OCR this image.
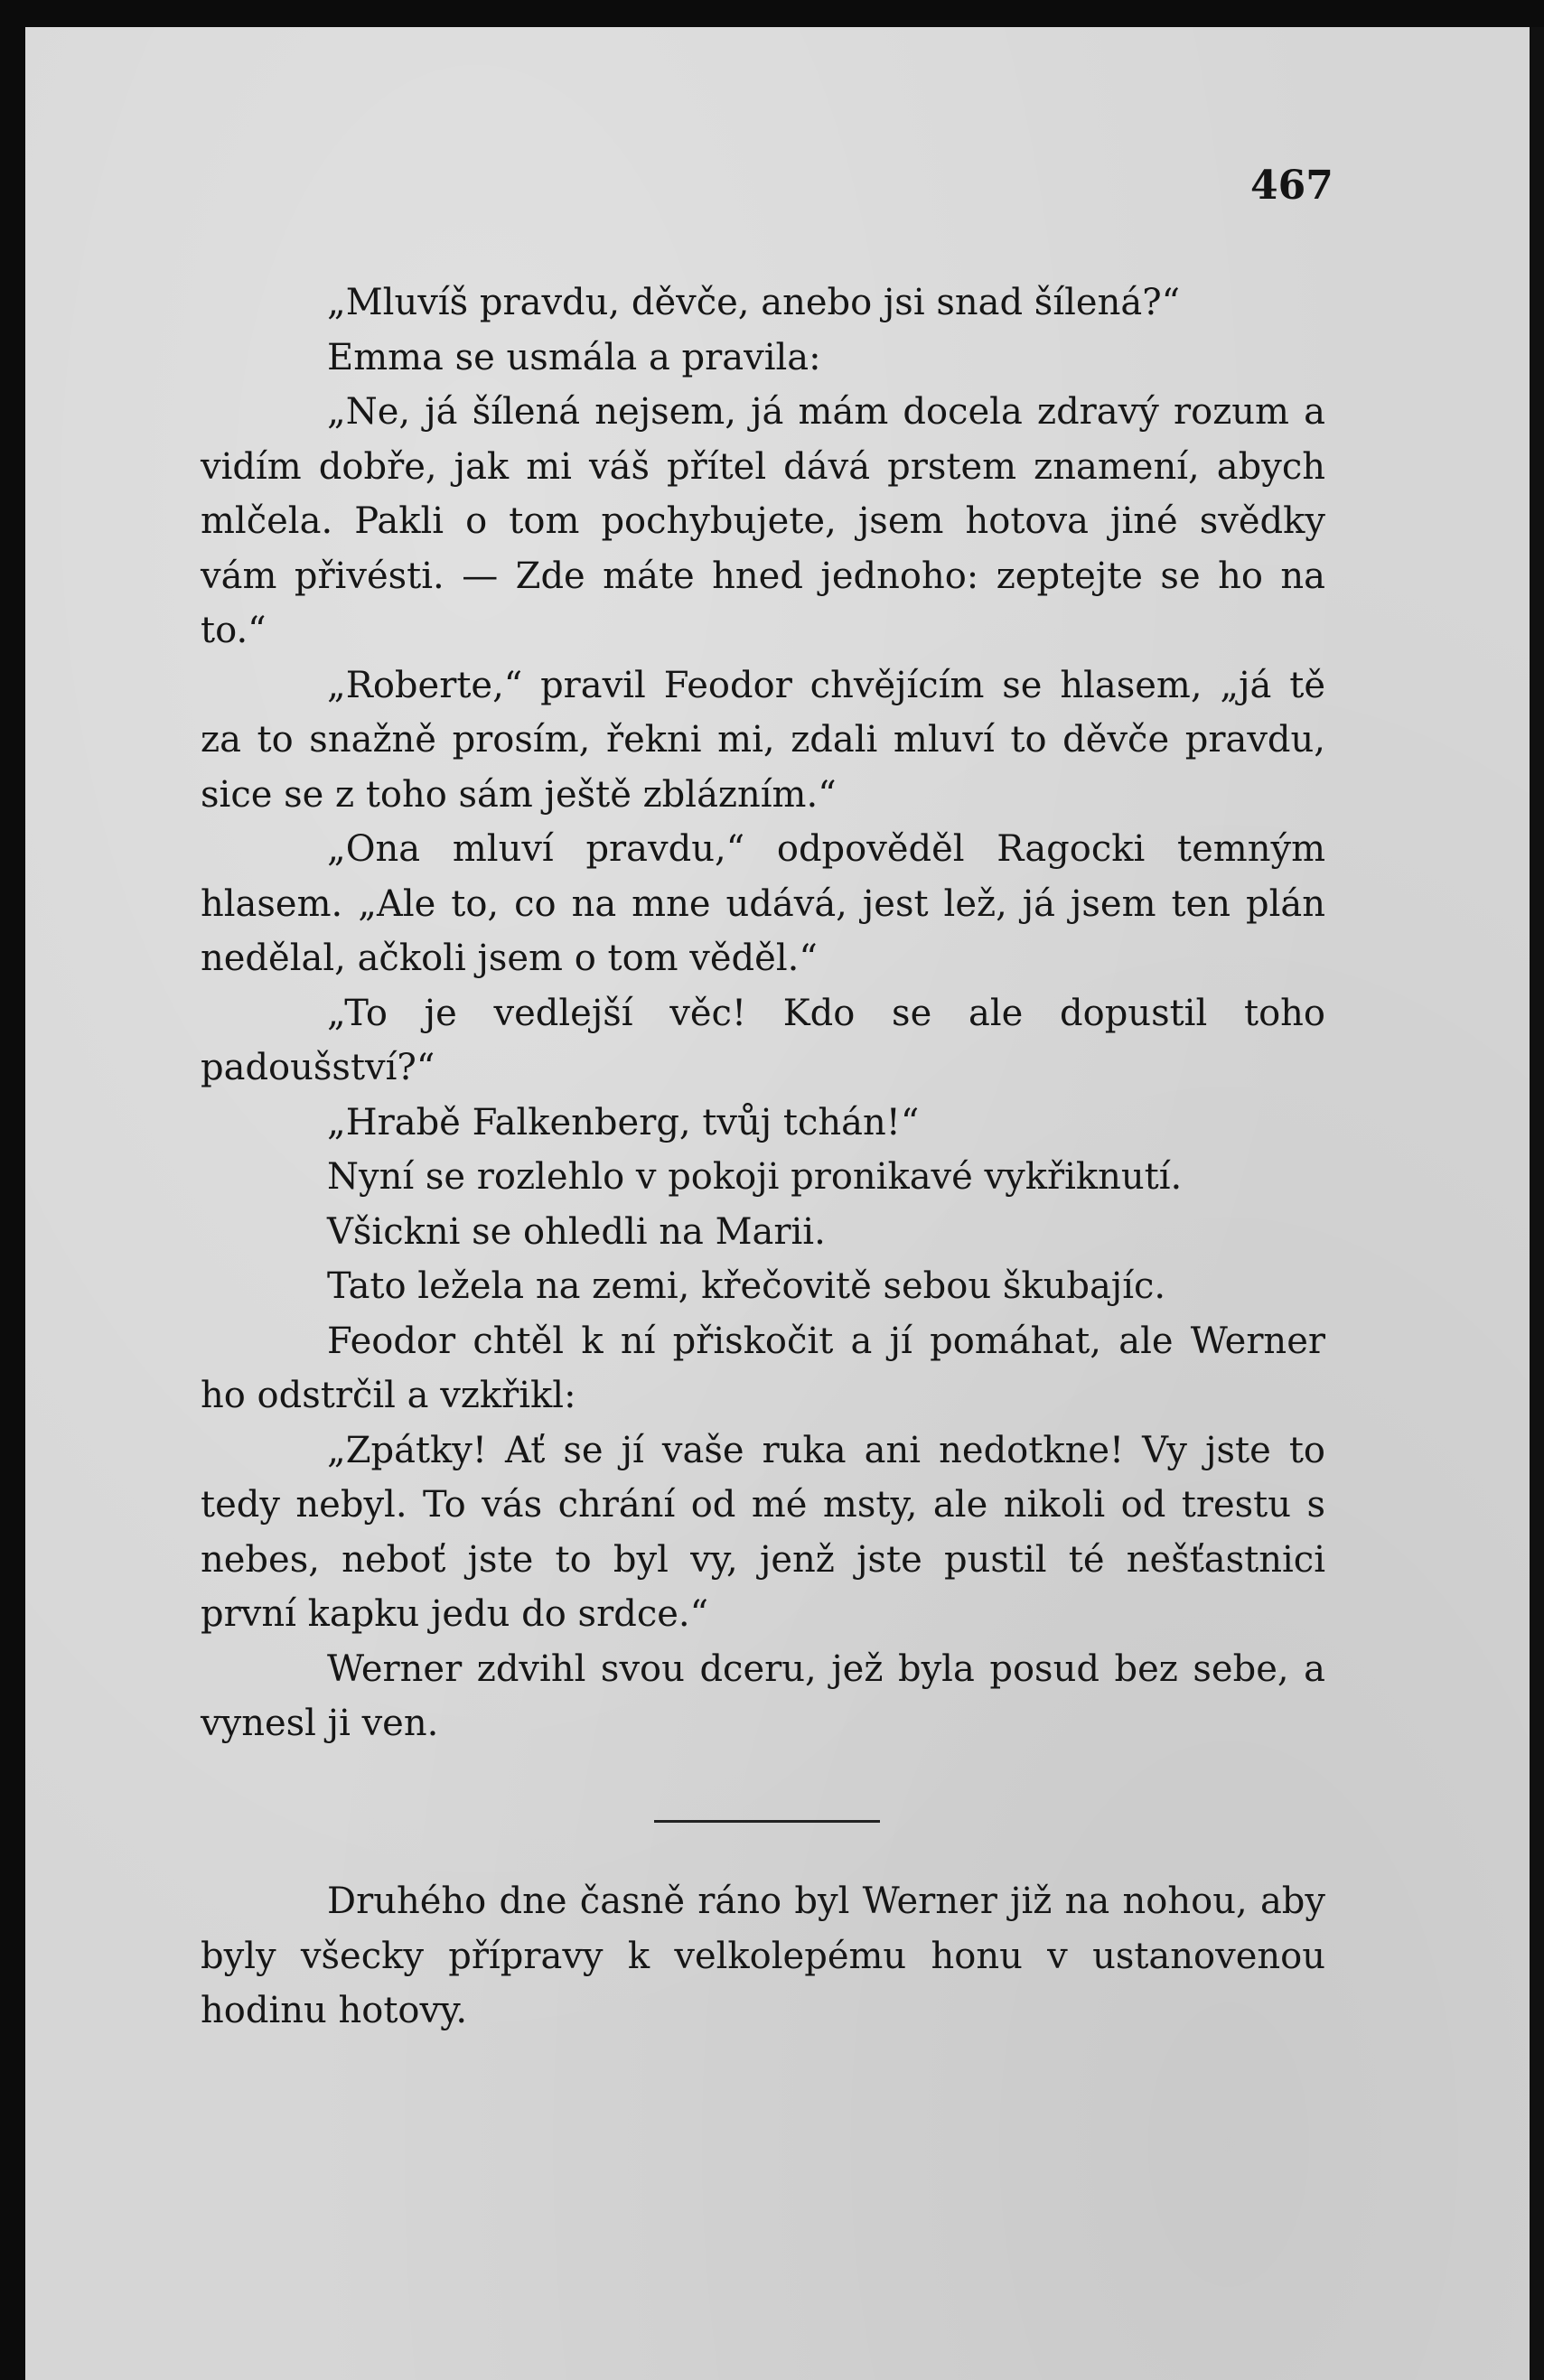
467

„Mluvíš pravdu, děvče, anebo jsi snad šílená?“

Emma se usmála a pravila:

„Ne, já šílená nejsem, já mám docela zdravý rozum a vidím dobře, jak mi váš přítel dává prstem znamení, abych mlčela. Pakli o tom pochybujete, jsem hotova jiné svědky vám přivésti. — Zde máte hned jednoho: zeptejte se ho na to.“

„Roberte,“ pravil Feodor chvějícím se hlasem, „já tě za to snažně prosím, řekni mi, zdali mluví to děvče pravdu, sice se z toho sám ještě zblázním.“

„Ona mluví pravdu,“ odpověděl Ragocki temným hlasem. „Ale to, co na mne udává, jest lež, já jsem ten plán nedělal, ačkoli jsem o tom věděl.“

„To je vedlejší věc! Kdo se ale dopustil toho padoušství?“

„Hrabě Falkenberg, tvůj tchán!“

Nyní se rozlehlo v pokoji pronikavé vykřiknutí.

Všickni se ohledli na Marii.

Tato ležela na zemi, křečovitě sebou škubajíc.

Feodor chtěl k ní přiskočit a jí pomáhat, ale Werner ho odstrčil a vzkřikl:

„Zpátky! Ať se jí vaše ruka ani nedotkne! Vy jste to tedy nebyl. To vás chrání od mé msty, ale nikoli od trestu s nebes, neboť jste to byl vy, jenž jste pustil té nešťastnici první kapku jedu do srdce.“

Werner zdvihl svou dceru, jež byla posud bez sebe, a vynesl ji ven.

Druhého dne časně ráno byl Werner již na nohou, aby byly všecky přípravy k velkolepému honu v ustanovenou hodinu hotovy.
